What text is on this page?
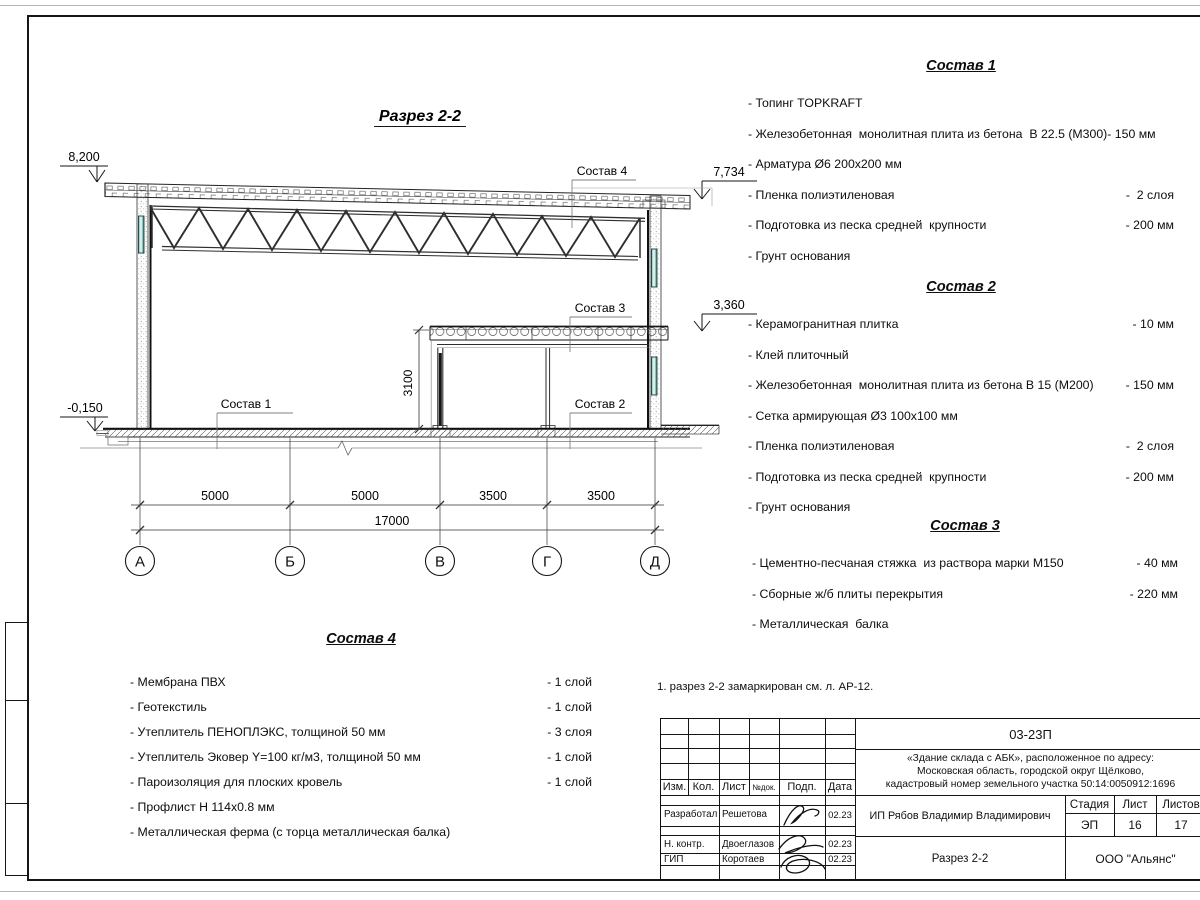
Разрез 2-2
8,200
7,734
3,360
-0,150
Состав 4
Состав 3
Состав 2
Состав 1
3100
5000	5000	3500	3500
17000
А	Б	В	Г	Д
Состав 1
- Топинг TOPKRAFT
- Железобетонная  монолитная плита из бетона  В 22.5 (М300)- 150 мм
- Арматура Ø6 200х200 мм
- Пленка полиэтиленовая	-  2 слоя
- Подготовка из песка средней  крупности	- 200 мм
- Грунт основания
Состав 2
- Керамогранитная плитка	- 10 мм
- Клей плиточный
- Железобетонная  монолитная плита из бетона В 15 (М200)	- 150 мм
- Сетка армирующая Ø3 100х100 мм
- Пленка полиэтиленовая	-  2 слоя
- Подготовка из песка средней  крупности	- 200 мм
- Грунт основания
Состав 3
- Цементно-песчаная стяжка  из раствора марки М150	- 40 мм
- Сборные ж/б плиты перекрытия	- 220 мм
- Металлическая  балка
Состав 4
- Мембрана ПВХ	- 1 слой
- Геотекстиль	- 1 слой
- Утеплитель ПЕНОПЛЭКС, толщиной 50 мм	- 3 слоя
- Утеплитель Эковер Y=100 кг/м3, толщиной 50 мм	- 1 слой
- Пароизоляция для плоских кровель	- 1 слой
- Профлист Н 114х0.8 мм
- Металлическая ферма (с торца металлическая балка)
1. разрез 2-2 замаркирован см. л. АР-12.
Изм. Кол. Лист №док.	Подп.	Дата
Разработал Решетова	02.23
Н. контр. Двоеглазов	02.23
ГИП	Коротаев	02.23
03-23П
«Здание склада с АБК», расположенное по адресу:
Московская область, городской округ Щёлково,
кадастровый номер земельного участка 50:14:0050912:1696
ИП Рябов Владимир Владимирович
Стадия	Лист	Листов
ЭП	16	17
Разрез 2-2	ООО "Альянс"
